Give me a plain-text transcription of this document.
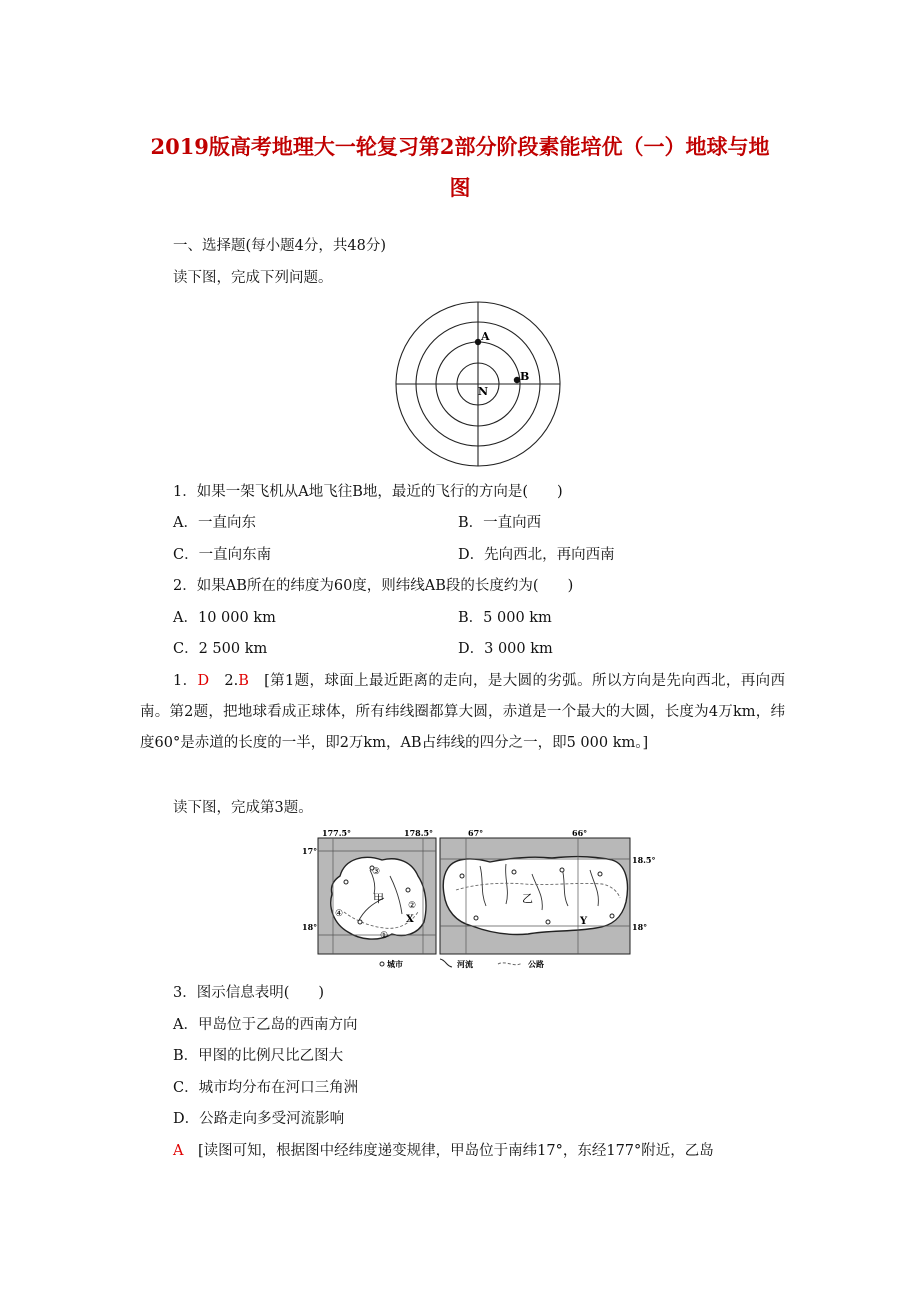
2019版高考地理大一轮复习第2部分阶段素能培优（一）地球与地
图
一、选择题(每小题4分，共48分)
读下图，完成下列问题。
A
B
N
1．如果一架飞机从A地飞往B地，最近的飞行的方向是(　　)
A．一直向东	B．一直向西
C．一直向东南	D．先向西北，再向西南
2．如果AB所在的纬度为60度，则纬线AB段的长度约为(　　)
A．10 000 km	B．5 000 km
C．2 500 km	D．3 000 km
1．D　2.B　[第1题，球面上最近距离的走向，是大圆的劣弧。所以方向是先向西北，再向西南。第2题，把地球看成正球体，所有纬线圈都算大圆，赤道是一个最大的大圆，长度为4万km，纬度60°是赤道的长度的一半，即2万km，AB占纬线的四分之一，即5 000 km。]
读下图，完成第3题。
③
②
①
④
甲
X
177.5°	178.5°
17°
18°
乙
Y
67°	66°
18.5°
18°
城市	河流	公路
3．图示信息表明(　　)
A．甲岛位于乙岛的西南方向
B．甲图的比例尺比乙图大
C．城市均分布在河口三角洲
D．公路走向多受河流影响
A　[读图可知，根据图中经纬度递变规律，甲岛位于南纬17°，东经177°附近，乙岛
